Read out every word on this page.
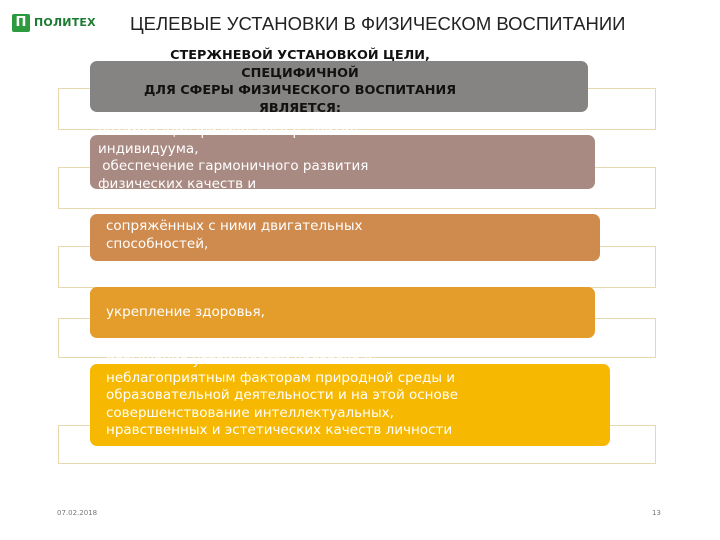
П ПОЛИТЕХ ЦЕЛЕВЫЕ УСТАНОВКИ В ФИЗИЧЕСКОМ ВОСПИТАНИИ
СТЕРЖНЕВОЙ УСТАНОВКОЙ ЦЕЛИ,
СПЕЦИФИЧНОЙ
ДЛЯ СФЕРЫ ФИЗИЧЕСКОГО ВОСПИТАНИЯ
ЯВЛЯЕТСЯ:
оптимизация физического развития
индивидуума,
обеспечение гармоничного развития
физических качеств и
сопряжённых с ними двигательных
способностей,
укрепление здоровья,
повышение устойчивости человека к
неблагоприятным факторам природной среды и
образовательной деятельности и на этой основе
совершенствование интеллектуальных,
нравственных и эстетических качеств личности
07.02.2018	13
